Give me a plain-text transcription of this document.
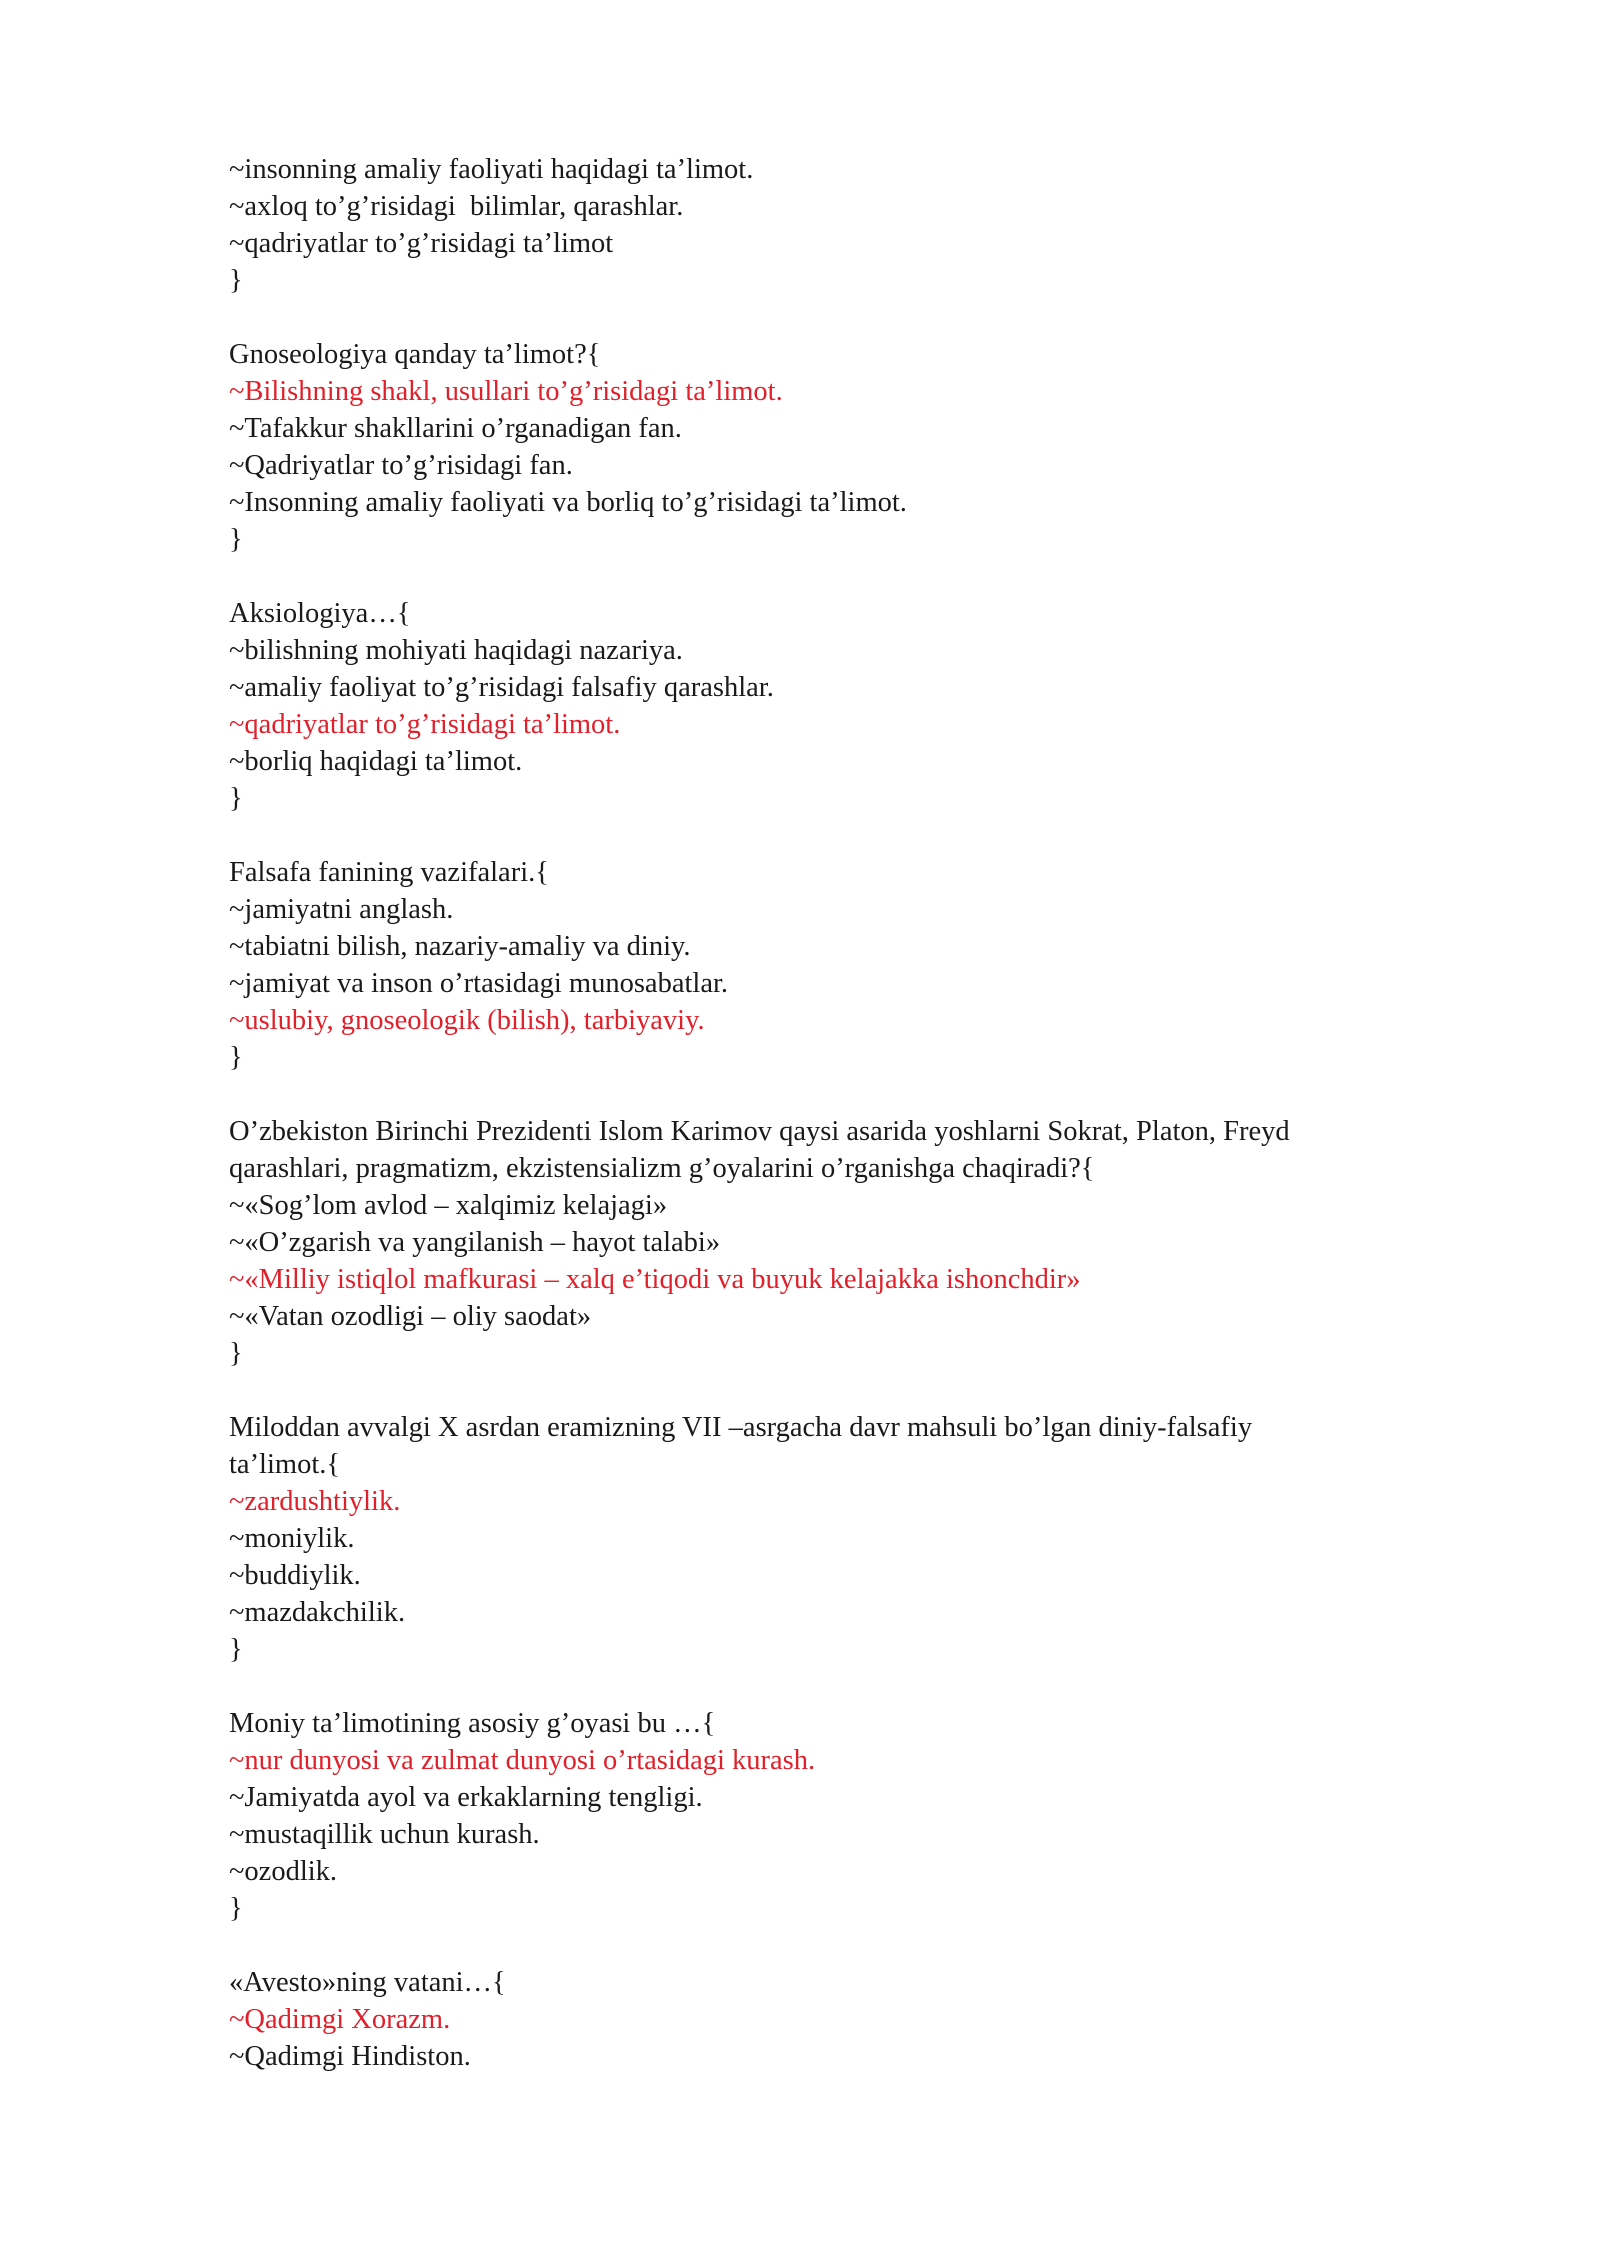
~insonning amaliy faoliyati haqidagi ta’limot.
~axloq to’g’risidagi  bilimlar, qarashlar.
~qadriyatlar to’g’risidagi ta’limot
}
Gnoseologiya qanday ta’limot?{
~Bilishning shakl, usullari to’g’risidagi ta’limot.
~Tafakkur shakllarini o’rganadigan fan.
~Qadriyatlar to’g’risidagi fan.
~Insonning amaliy faoliyati va borliq to’g’risidagi ta’limot.
}
Aksiologiya…{
~bilishning mohiyati haqidagi nazariya.
~amaliy faoliyat to’g’risidagi falsafiy qarashlar.
~qadriyatlar to’g’risidagi ta’limot.
~borliq haqidagi ta’limot.
}
Falsafa fanining vazifalari.{
~jamiyatni anglash.
~tabiatni bilish, nazariy-amaliy va diniy.
~jamiyat va inson o’rtasidagi munosabatlar.
~uslubiy, gnoseologik (bilish), tarbiyaviy.
}
O’zbekiston Birinchi Prezidenti Islom Karimov qaysi asarida yoshlarni Sokrat, Platon, Freyd
qarashlari, pragmatizm, ekzistensializm g’oyalarini o’rganishga chaqiradi?{
~«Sog’lom avlod – xalqimiz kelajagi»
~«O’zgarish va yangilanish – hayot talabi»
~«Milliy istiqlol mafkurasi – xalq e’tiqodi va buyuk kelajakka ishonchdir»
~«Vatan ozodligi – oliy saodat»
}
Miloddan avvalgi X asrdan eramizning VII –asrgacha davr mahsuli bo’lgan diniy-falsafiy
ta’limot.{
~zardushtiylik.
~moniylik.
~buddiylik.
~mazdakchilik.
}
Moniy ta’limotining asosiy g’oyasi bu …{
~nur dunyosi va zulmat dunyosi o’rtasidagi kurash.
~Jamiyatda ayol va erkaklarning tengligi.
~mustaqillik uchun kurash.
~ozodlik.
}
«Avesto»ning vatani…{
~Qadimgi Xorazm.
~Qadimgi Hindiston.
